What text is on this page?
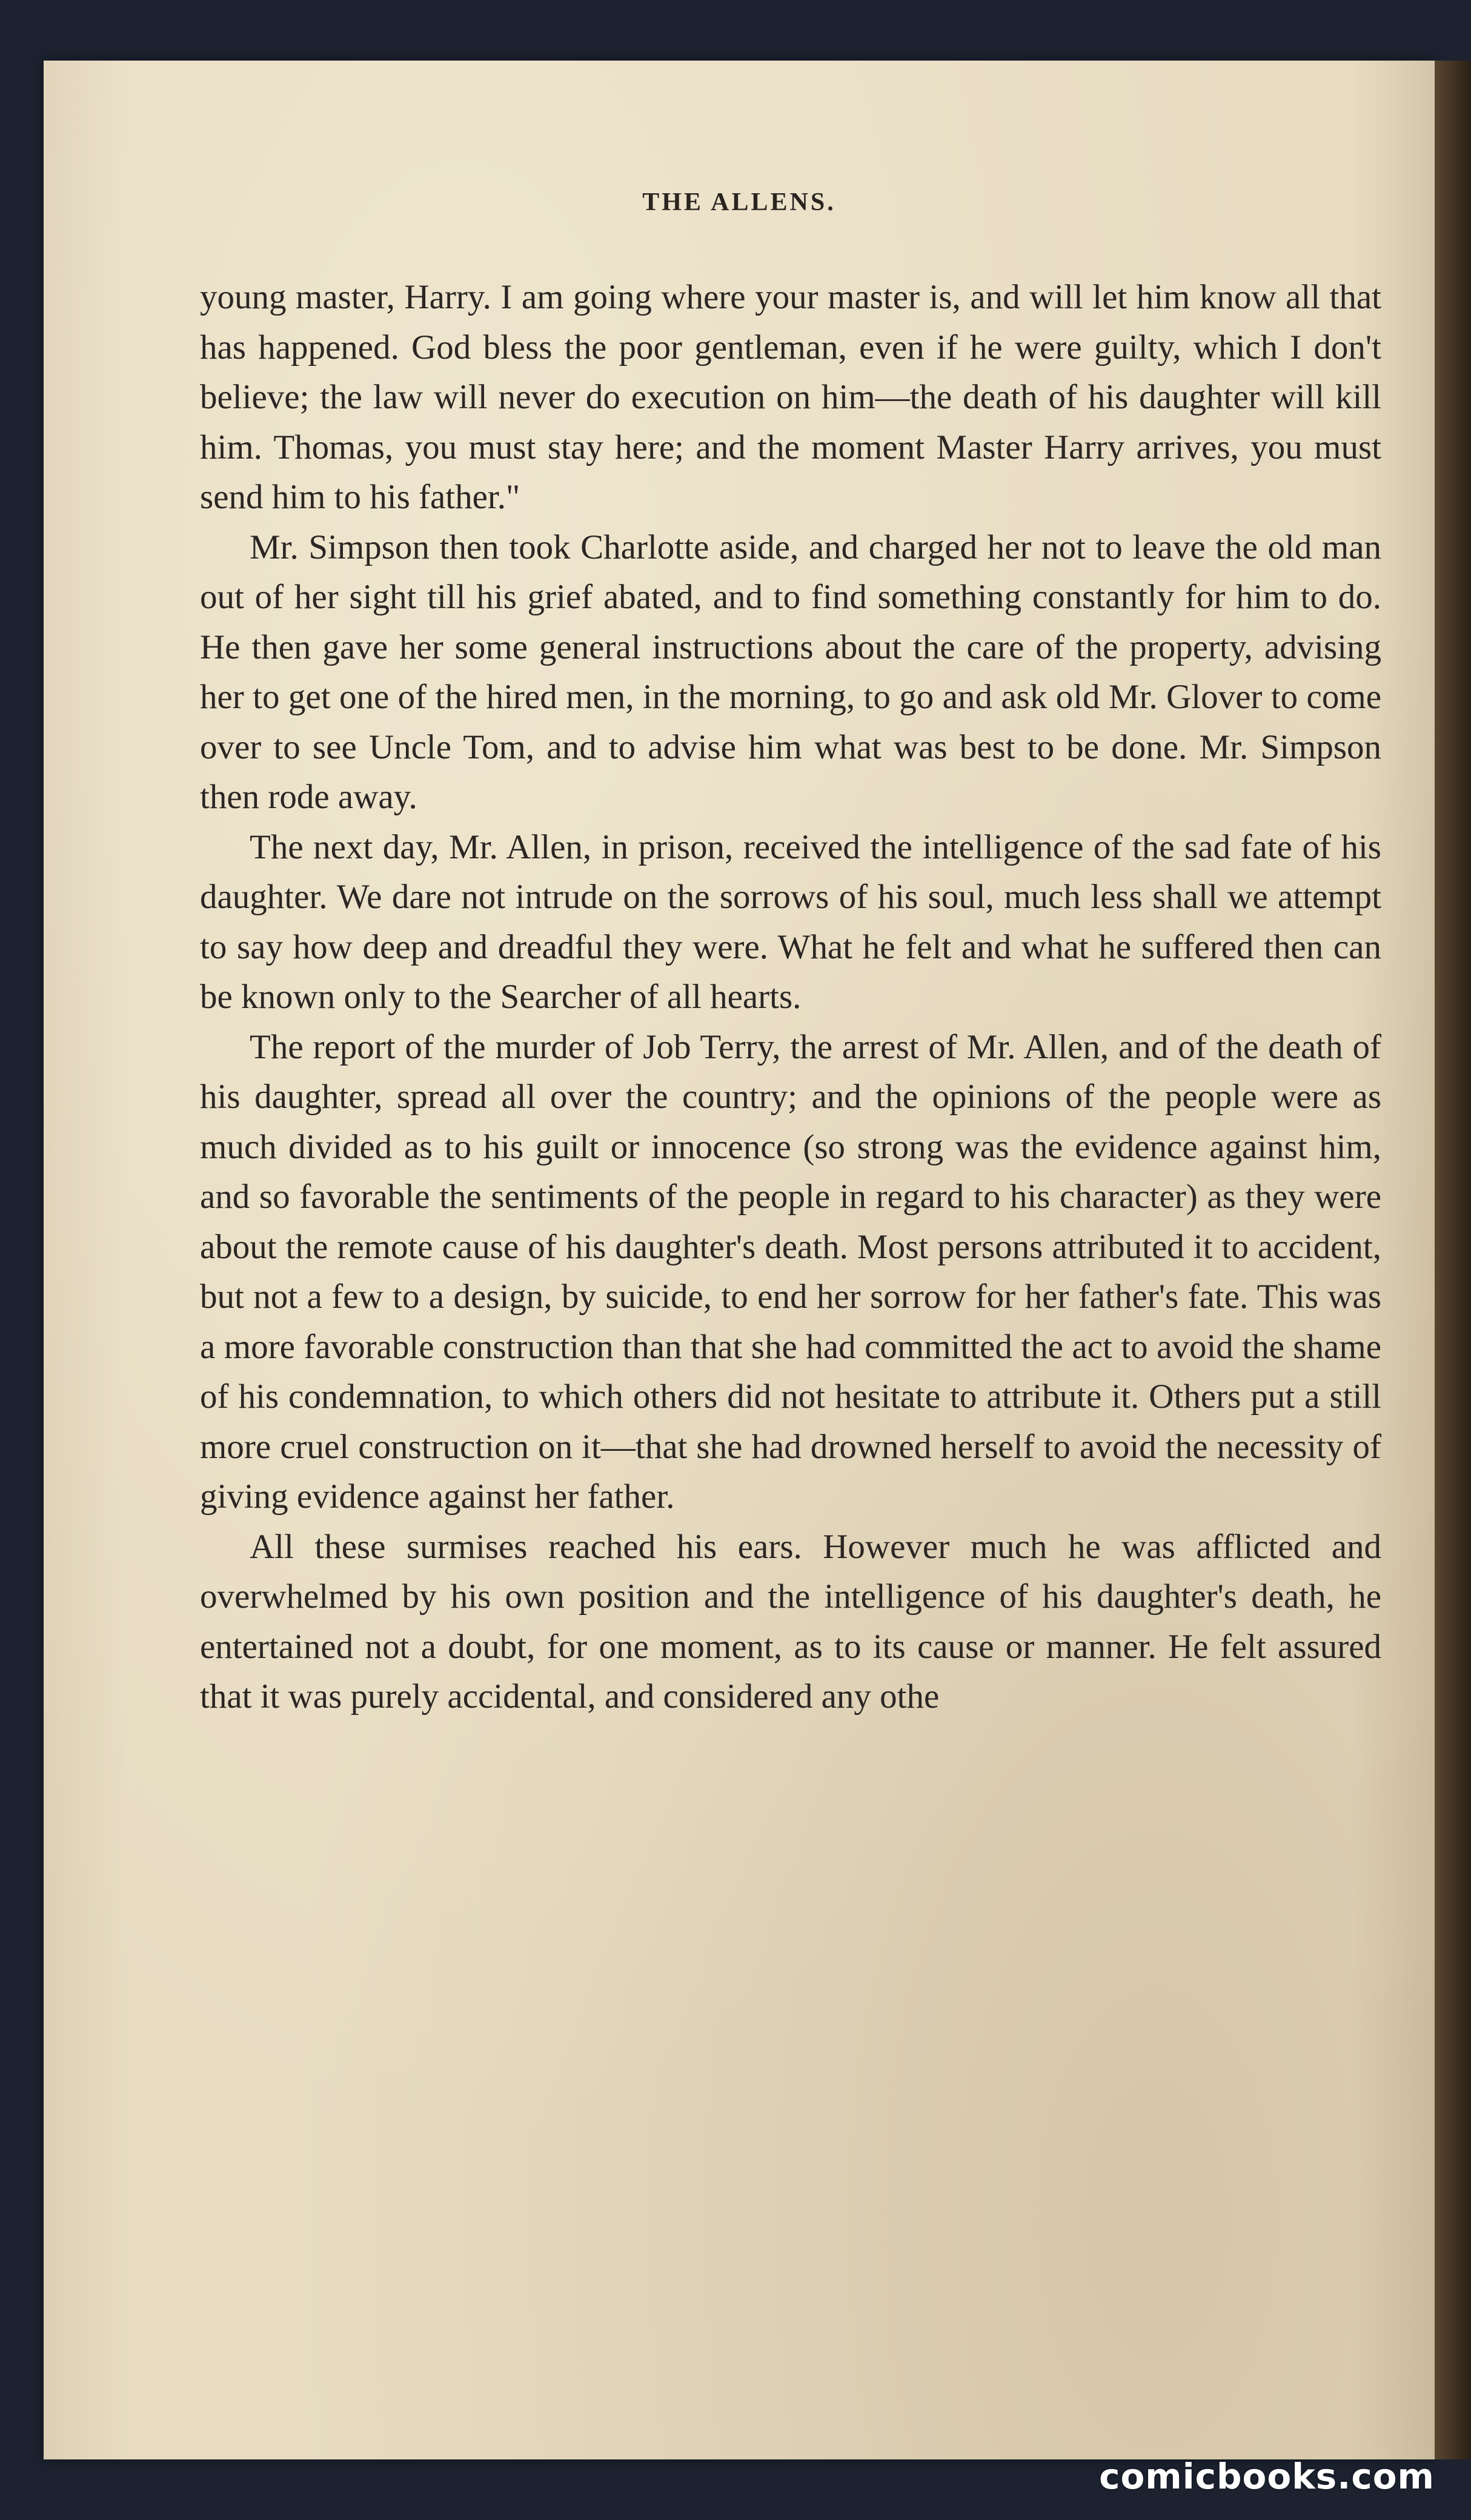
THE ALLENS.

young master, Harry. I am going where your master is, and will let him know all that has happened. God bless the poor gentleman, even if he were guilty, which I don't believe; the law will never do execution on him—the death of his daughter will kill him. Thomas, you must stay here; and the moment Master Harry arrives, you must send him to his father."

Mr. Simpson then took Charlotte aside, and charged her not to leave the old man out of her sight till his grief abated, and to find something constantly for him to do. He then gave her some general instructions about the care of the property, advising her to get one of the hired men, in the morning, to go and ask old Mr. Glover to come over to see Uncle Tom, and to advise him what was best to be done. Mr. Simpson then rode away.

The next day, Mr. Allen, in prison, received the intelligence of the sad fate of his daughter. We dare not intrude on the sorrows of his soul, much less shall we attempt to say how deep and dreadful they were. What he felt and what he suffered then can be known only to the Searcher of all hearts.

The report of the murder of Job Terry, the arrest of Mr. Allen, and of the death of his daughter, spread all over the country; and the opinions of the people were as much divided as to his guilt or innocence (so strong was the evidence against him, and so favorable the sentiments of the people in regard to his character) as they were about the remote cause of his daughter's death. Most persons attributed it to accident, but not a few to a design, by suicide, to end her sorrow for her father's fate. This was a more favorable construction than that she had committed the act to avoid the shame of his condemnation, to which others did not hesitate to attribute it. Others put a still more cruel construction on it—that she had drowned herself to avoid the necessity of giving evidence against her father.

All these surmises reached his ears. However much he was afflicted and overwhelmed by his own position and the intelligence of his daughter's death, he entertained not a doubt, for one moment, as to its cause or manner. He felt assured that it was purely accidental, and considered any othe

comicbooks.com
